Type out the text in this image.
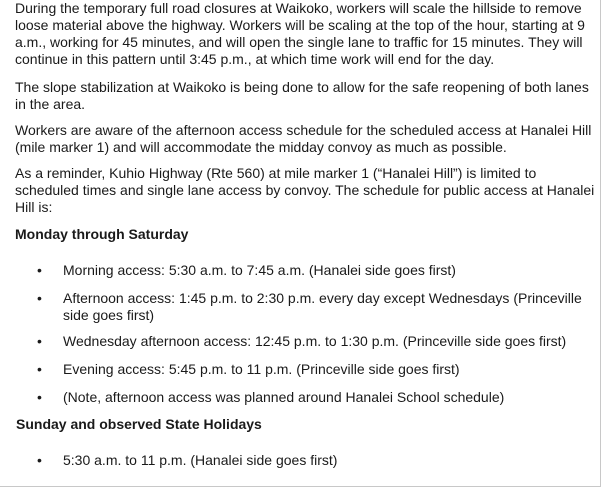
During the temporary full road closures at Waikoko, workers will scale the hillside to remove loose material above the highway. Workers will be scaling at the top of the hour, starting at 9 a.m., working for 45 minutes, and will open the single lane to traffic for 15 minutes. They will continue in this pattern until 3:45 p.m., at which time work will end for the day.

The slope stabilization at Waikoko is being done to allow for the safe reopening of both lanes in the area.

Workers are aware of the afternoon access schedule for the scheduled access at Hanalei Hill (mile marker 1) and will accommodate the midday convoy as much as possible.

As a reminder, Kuhio Highway (Rte 560) at mile marker 1 (“Hanalei Hill”) is limited to scheduled times and single lane access by convoy. The schedule for public access at Hanalei Hill is:

Monday through Saturday

• Morning access: 5:30 a.m. to 7:45 a.m. (Hanalei side goes first)

• Afternoon access: 1:45 p.m. to 2:30 p.m. every day except Wednesdays (Princeville side goes first)

• Wednesday afternoon access: 12:45 p.m. to 1:30 p.m. (Princeville side goes first)

• Evening access: 5:45 p.m. to 11 p.m. (Princeville side goes first)

• (Note, afternoon access was planned around Hanalei School schedule)

Sunday and observed State Holidays

• 5:30 a.m. to 11 p.m. (Hanalei side goes first)
